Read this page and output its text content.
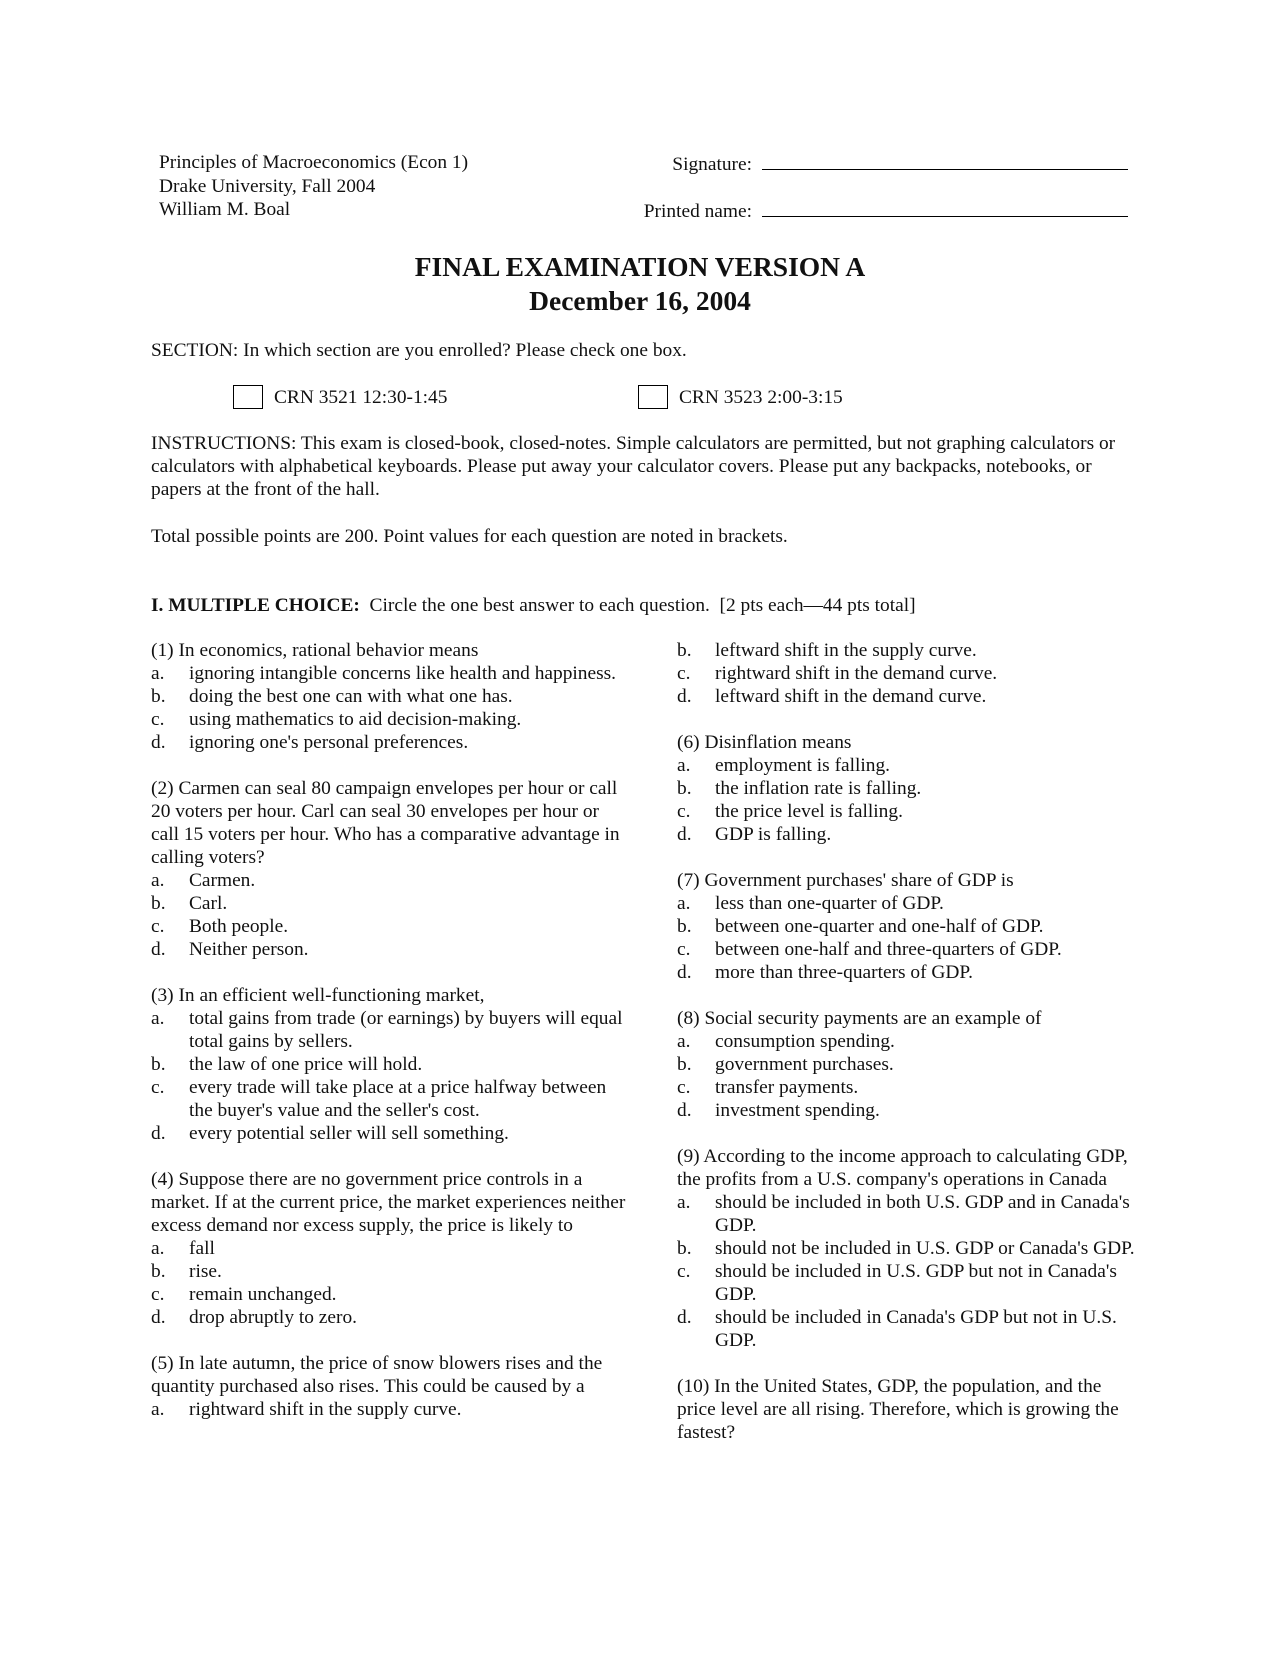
Principles of Macroeconomics (Econ 1)
Drake University, Fall 2004
William M. Boal
Signature:
Printed name:
FINAL EXAMINATION VERSION A
December 16, 2004
SECTION: In which section are you enrolled? Please check one box.
CRN 3521 12:30-1:45	CRN 3523 2:00-3:15
INSTRUCTIONS: This exam is closed-book, closed-notes. Simple calculators are permitted, but not graphing calculators or calculators with alphabetical keyboards. Please put away your calculator covers. Please put any backpacks, notebooks, or papers at the front of the hall.
Total possible points are 200. Point values for each question are noted in brackets.
I. MULTIPLE CHOICE:  Circle the one best answer to each question.  [2 pts each—44 pts total]
(1) In economics, rational behavior means
a.	ignoring intangible concerns like health and happiness.
b.	doing the best one can with what one has.
c.	using mathematics to aid decision-making.
d.	ignoring one's personal preferences.
(2) Carmen can seal 80 campaign envelopes per hour or call 20 voters per hour. Carl can seal 30 envelopes per hour or call 15 voters per hour. Who has a comparative advantage in calling voters?
a.	Carmen.
b.	Carl.
c.	Both people.
d.	Neither person.
(3) In an efficient well-functioning market,
a.	total gains from trade (or earnings) by buyers will equal total gains by sellers.
b.	the law of one price will hold.
c.	every trade will take place at a price halfway between the buyer's value and the seller's cost.
d.	every potential seller will sell something.
(4) Suppose there are no government price controls in a market. If at the current price, the market experiences neither excess demand nor excess supply, the price is likely to
a.	fall
b.	rise.
c.	remain unchanged.
d.	drop abruptly to zero.
(5) In late autumn, the price of snow blowers rises and the quantity purchased also rises. This could be caused by a
a.	rightward shift in the supply curve.
b.	leftward shift in the supply curve.
c.	rightward shift in the demand curve.
d.	leftward shift in the demand curve.
(6) Disinflation means
a.	employment is falling.
b.	the inflation rate is falling.
c.	the price level is falling.
d.	GDP is falling.
(7) Government purchases' share of GDP is
a.	less than one-quarter of GDP.
b.	between one-quarter and one-half of GDP.
c.	between one-half and three-quarters of GDP.
d.	more than three-quarters of GDP.
(8) Social security payments are an example of
a.	consumption spending.
b.	government purchases.
c.	transfer payments.
d.	investment spending.
(9) According to the income approach to calculating GDP, the profits from a U.S. company's operations in Canada
a.	should be included in both U.S. GDP and in Canada's GDP.
b.	should not be included in U.S. GDP or Canada's GDP.
c.	should be included in U.S. GDP but not in Canada's GDP.
d.	should be included in Canada's GDP but not in U.S. GDP.
(10) In the United States, GDP, the population, and the price level are all rising. Therefore, which is growing the fastest?
